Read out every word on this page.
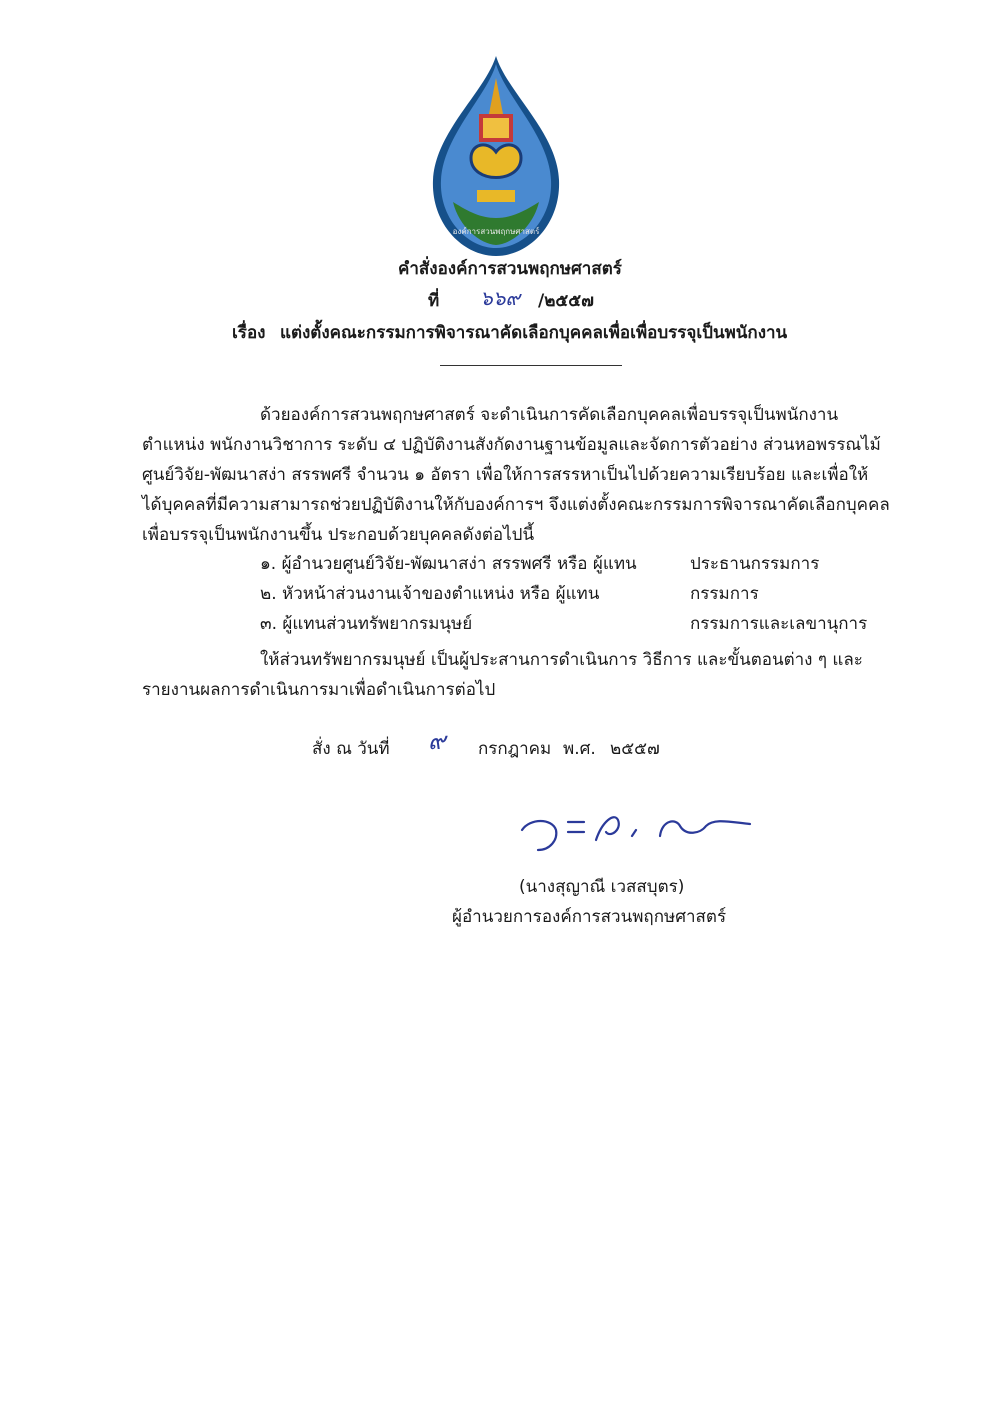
องค์การสวนพฤกษศาสตร์
คำสั่งองค์การสวนพฤกษศาสตร์
ที่ ๖๖๙ /๒๕๕๗
เรื่อง แต่งตั้งคณะกรรมการพิจารณาคัดเลือกบุคคลเพื่อเพื่อบรรจุเป็นพนักงาน
ด้วยองค์การสวนพฤกษศาสตร์ จะดำเนินการคัดเลือกบุคคลเพื่อบรรจุเป็นพนักงาน
ตำแหน่ง พนักงานวิชาการ ระดับ ๔ ปฏิบัติงานสังกัดงานฐานข้อมูลและจัดการตัวอย่าง ส่วนหอพรรณไม้
ศูนย์วิจัย-พัฒนาสง่า สรรพศรี จำนวน ๑ อัตรา เพื่อให้การสรรหาเป็นไปด้วยความเรียบร้อย และเพื่อให้
ได้บุคคลที่มีความสามารถช่วยปฏิบัติงานให้กับองค์การฯ จึงแต่งตั้งคณะกรรมการพิจารณาคัดเลือกบุคคล
เพื่อบรรจุเป็นพนักงานขึ้น ประกอบด้วยบุคคลดังต่อไปนี้
๑. ผู้อำนวยศูนย์วิจัย-พัฒนาสง่า สรรพศรี หรือ ผู้แทน	ประธานกรรมการ
๒. หัวหน้าส่วนงานเจ้าของตำแหน่ง หรือ ผู้แทน	กรรมการ
๓. ผู้แทนส่วนทรัพยากรมนุษย์	กรรมการและเลขานุการ
ให้ส่วนทรัพยากรมนุษย์ เป็นผู้ประสานการดำเนินการ วิธีการ และขั้นตอนต่าง ๆ และ
รายงานผลการดำเนินการมาเพื่อดำเนินการต่อไป
สั่ง ณ วันที่ ๙ กรกฎาคม พ.ศ. ๒๕๕๗
(นางสุญาณี เวสสบุตร)
ผู้อำนวยการองค์การสวนพฤกษศาสตร์
